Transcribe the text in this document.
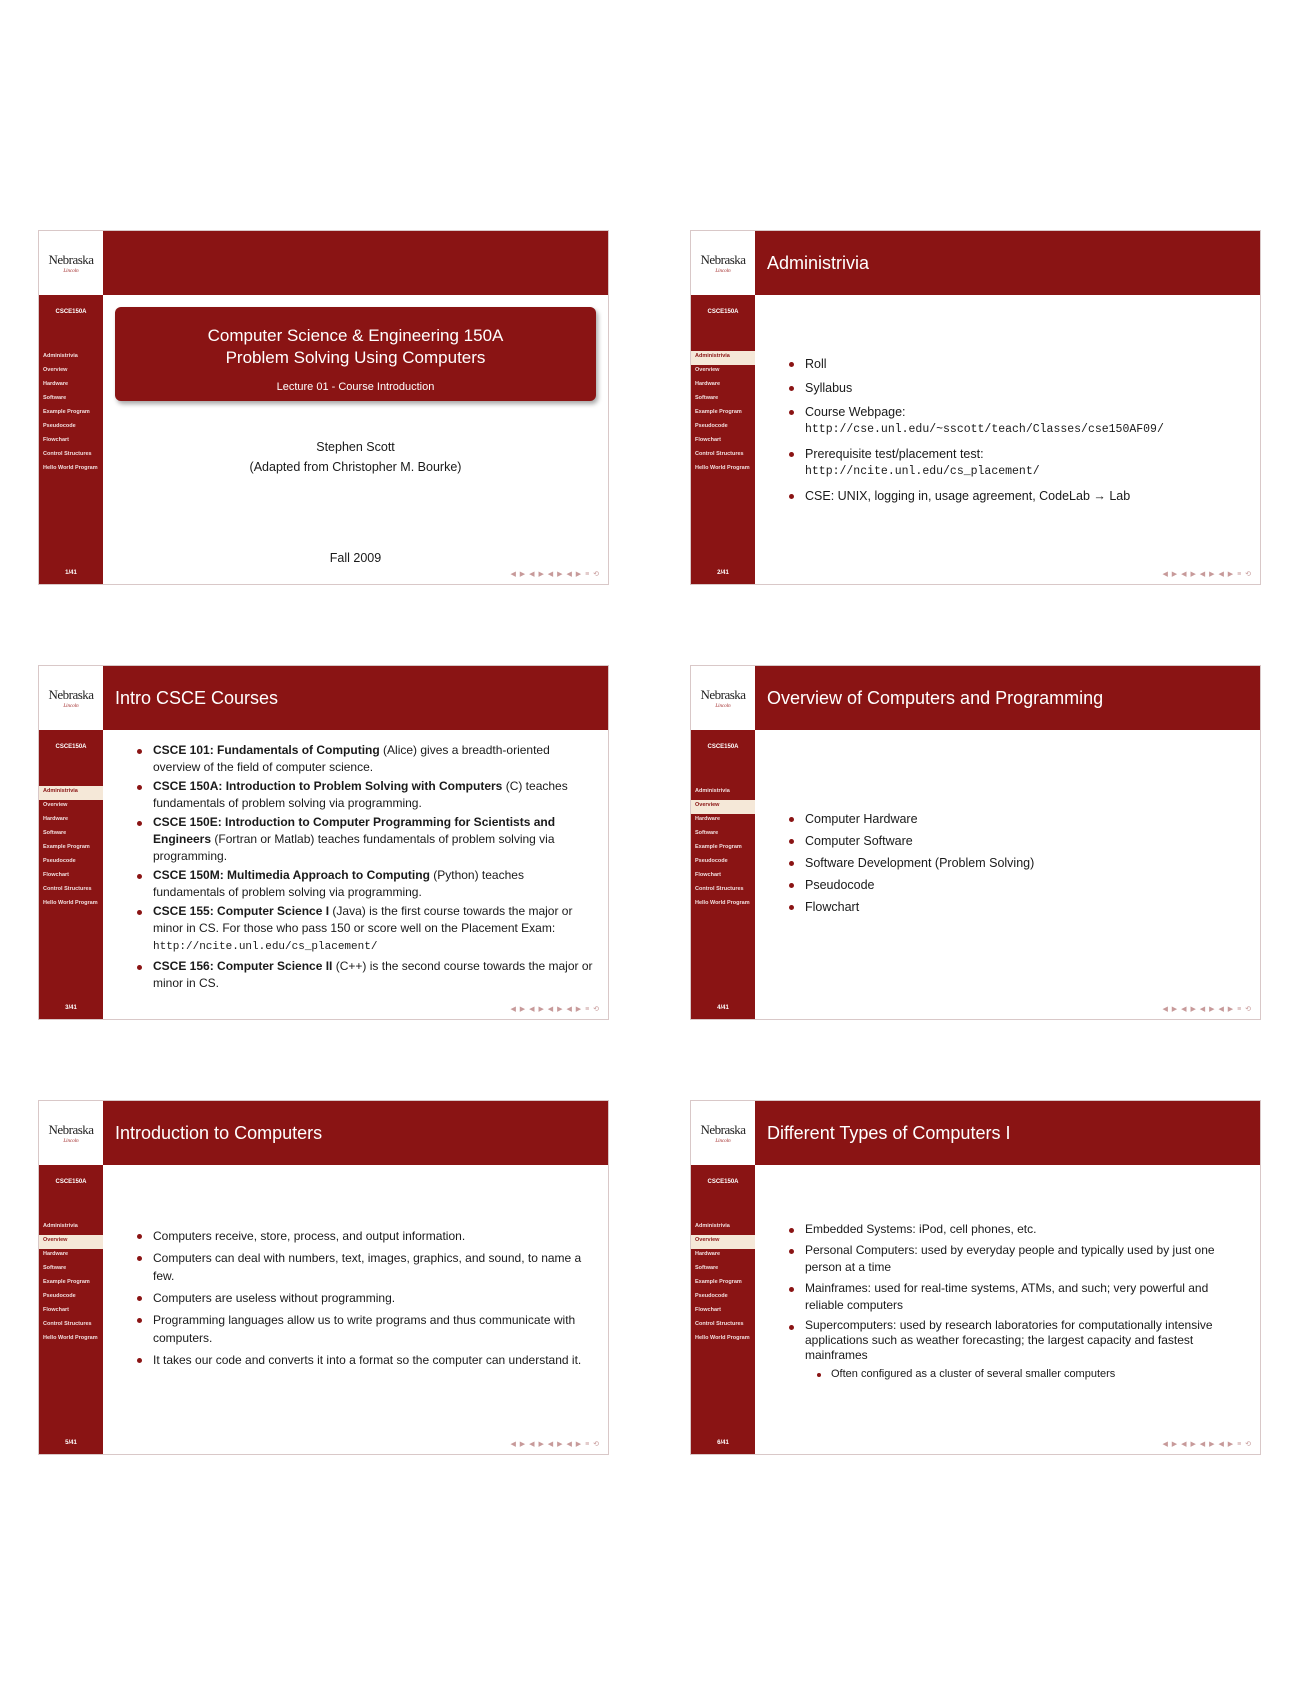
Nebraska
Lincoln
CSCE150A
Administrivia
Overview
Hardware
Software
Example Program
Pseudocode
Flowchart
Control Structures
Hello World Program
1/41
Computer Science & Engineering 150A
Problem Solving Using Computers
Lecture 01 - Course Introduction
Stephen Scott
(Adapted from Christopher M. Bourke)
Fall 2009
◀ ▶ ◀ ▶ ◀ ▶ ◀ ▶ ≡ ⟲
Nebraska
Lincoln Administrivia
CSCE150A
Administrivia
Overview
Hardware
Software
Example Program
Pseudocode
Flowchart
Control Structures
Hello World Program
2/41
Roll
Syllabus
Course Webpage:
http://cse.unl.edu/~sscott/teach/Classes/cse150AF09/
Prerequisite test/placement test:
http://ncite.unl.edu/cs_placement/
CSE: UNIX, logging in, usage agreement, CodeLab → Lab
◀ ▶ ◀ ▶ ◀ ▶ ◀ ▶ ≡ ⟲
Nebraska
Lincoln Intro CSCE Courses
CSCE150A
Administrivia
Overview
Hardware
Software
Example Program
Pseudocode
Flowchart
Control Structures
Hello World Program
3/41
CSCE 101: Fundamentals of Computing (Alice) gives a breadth-oriented overview of the field of computer science.
CSCE 150A: Introduction to Problem Solving with Computers (C) teaches fundamentals of problem solving via programming.
CSCE 150E: Introduction to Computer Programming for Scientists and Engineers (Fortran or Matlab) teaches fundamentals of problem solving via programming.
CSCE 150M: Multimedia Approach to Computing (Python) teaches fundamentals of problem solving via programming.
CSCE 155: Computer Science I (Java) is the first course towards the major or minor in CS. For those who pass 150 or score well on the Placement Exam: http://ncite.unl.edu/cs_placement/
CSCE 156: Computer Science II (C++) is the second course towards the major or minor in CS.
◀ ▶ ◀ ▶ ◀ ▶ ◀ ▶ ≡ ⟲
Nebraska
Lincoln Overview of Computers and Programming
CSCE150A
Administrivia
Overview
Hardware
Software
Example Program
Pseudocode
Flowchart
Control Structures
Hello World Program
4/41
Computer Hardware
Computer Software
Software Development (Problem Solving)
Pseudocode
Flowchart
◀ ▶ ◀ ▶ ◀ ▶ ◀ ▶ ≡ ⟲
Nebraska
Lincoln Introduction to Computers
CSCE150A
Administrivia
Overview
Hardware
Software
Example Program
Pseudocode
Flowchart
Control Structures
Hello World Program
5/41
Computers receive, store, process, and output information.
Computers can deal with numbers, text, images, graphics, and sound, to name a few.
Computers are useless without programming.
Programming languages allow us to write programs and thus communicate with computers.
It takes our code and converts it into a format so the computer can understand it.
◀ ▶ ◀ ▶ ◀ ▶ ◀ ▶ ≡ ⟲
Nebraska
Lincoln Different Types of Computers I
CSCE150A
Administrivia
Overview
Hardware
Software
Example Program
Pseudocode
Flowchart
Control Structures
Hello World Program
6/41
Embedded Systems: iPod, cell phones, etc.
Personal Computers: used by everyday people and typically used by just one person at a time
Mainframes: used for real-time systems, ATMs, and such; very powerful and reliable computers
Supercomputers: used by research laboratories for computationally intensive applications such as weather forecasting; the largest capacity and fastest mainframes
Often configured as a cluster of several smaller computers
◀ ▶ ◀ ▶ ◀ ▶ ◀ ▶ ≡ ⟲
